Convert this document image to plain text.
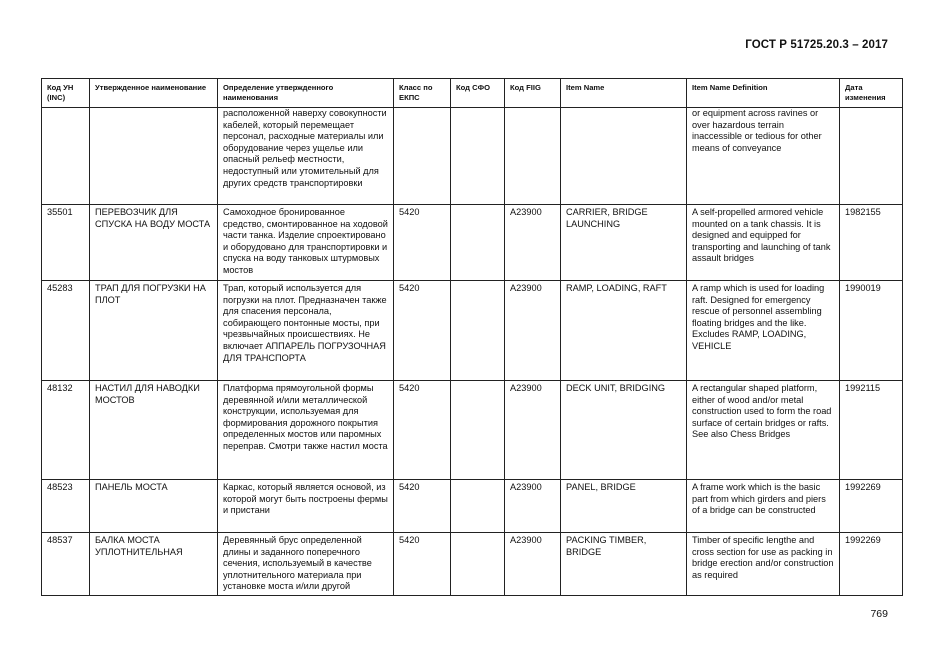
ГОСТ Р 51725.20.3 – 2017
Код УН (INC)	Утвержденное наименование	Определение утвержденного наименования	Класс по ЕКПС	Код СФО	Код FIIG	Item Name	Item Name Definition	Дата изменения
		расположенной наверху совокупности кабелей, который перемещает персонал, расходные материалы или оборудование через ущелье или опасный рельеф местности, недоступный или утомительный для других средств транспортировки					or equipment across ravines or over hazardous terrain inaccessible or tedious for other means of conveyance	
35501	ПЕРЕВОЗЧИК ДЛЯ СПУСКА НА ВОДУ МОСТА	Самоходное бронированное средство, смонтированное на ходовой части танка. Изделие спроектировано и оборудовано для транспортировки и спуска на воду танковых штурмовых мостов	5420		A23900	CARRIER, BRIDGE LAUNCHING	A self-propelled armored vehicle mounted on a tank chassis. It is designed and equipped for transporting and launching of tank assault bridges	1982155
45283	ТРАП ДЛЯ ПОГРУЗКИ НА ПЛОТ	Трап, который используется для погрузки на плот. Предназначен также для спасения персонала, собирающего понтонные мосты, при чрезвычайных происшествиях. Не включает АППАРЕЛЬ ПОГРУЗОЧНАЯ ДЛЯ ТРАНСПОРТА	5420		A23900	RAMP, LOADING, RAFT	A ramp which is used for loading raft. Designed for emergency rescue of personnel assembling floating bridges and the like. Excludes RAMP, LOADING, VEHICLE	1990019
48132	НАСТИЛ ДЛЯ НАВОДКИ МОСТОВ	Платформа прямоугольной формы деревянной и/или металлической конструкции, используемая для формирования дорожного покрытия определенных мостов или паромных переправ. Смотри также настил моста	5420		A23900	DECK UNIT, BRIDGING	A rectangular shaped platform, either of wood and/or metal construction used to form the road surface of certain bridges or rafts. See also Chess Bridges	1992115
48523	ПАНЕЛЬ МОСТА	Каркас, который является основой, из которой могут быть построены фермы и пристани	5420		A23900	PANEL, BRIDGE	A frame work which is the basic part from which girders and piers of a bridge can be constructed	1992269
48537	БАЛКА МОСТА УПЛОТНИТЕЛЬНАЯ	Деревянный брус определенной длины и заданного поперечного сечения, используемый в качестве уплотнительного материала при установке моста и/или другой	5420		A23900	PACKING TIMBER, BRIDGE	Timber of specific lengthe and cross section for use as packing in bridge erection and/or construction as required	1992269
769
